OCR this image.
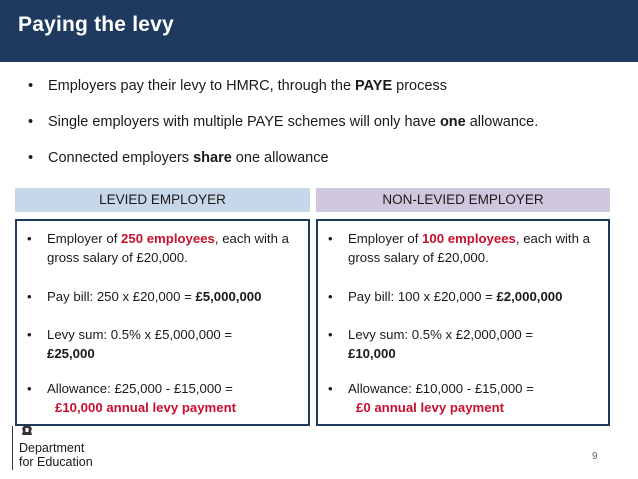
Paying the levy
• Employers pay their levy to HMRC, through the PAYE process
• Single employers with multiple PAYE schemes will only have one allowance.
• Connected employers share one allowance
LEVIED EMPLOYER	NON-LEVIED EMPLOYER
• Employer of 250 employees, each with a gross salary of £20,000.
• Pay bill: 250 x £20,000 = £5,000,000
• Levy sum: 0.5% x £5,000,000 =
£25,000
• Allowance: £25,000 - £15,000 =
£10,000 annual levy payment
• Employer of 100 employees, each with a gross salary of £20,000.
• Pay bill: 100 x £20,000 = £2,000,000
• Levy sum: 0.5% x £2,000,000 =
£10,000
• Allowance: £10,000 - £15,000 =
£0 annual levy payment
Department
for Education	9
